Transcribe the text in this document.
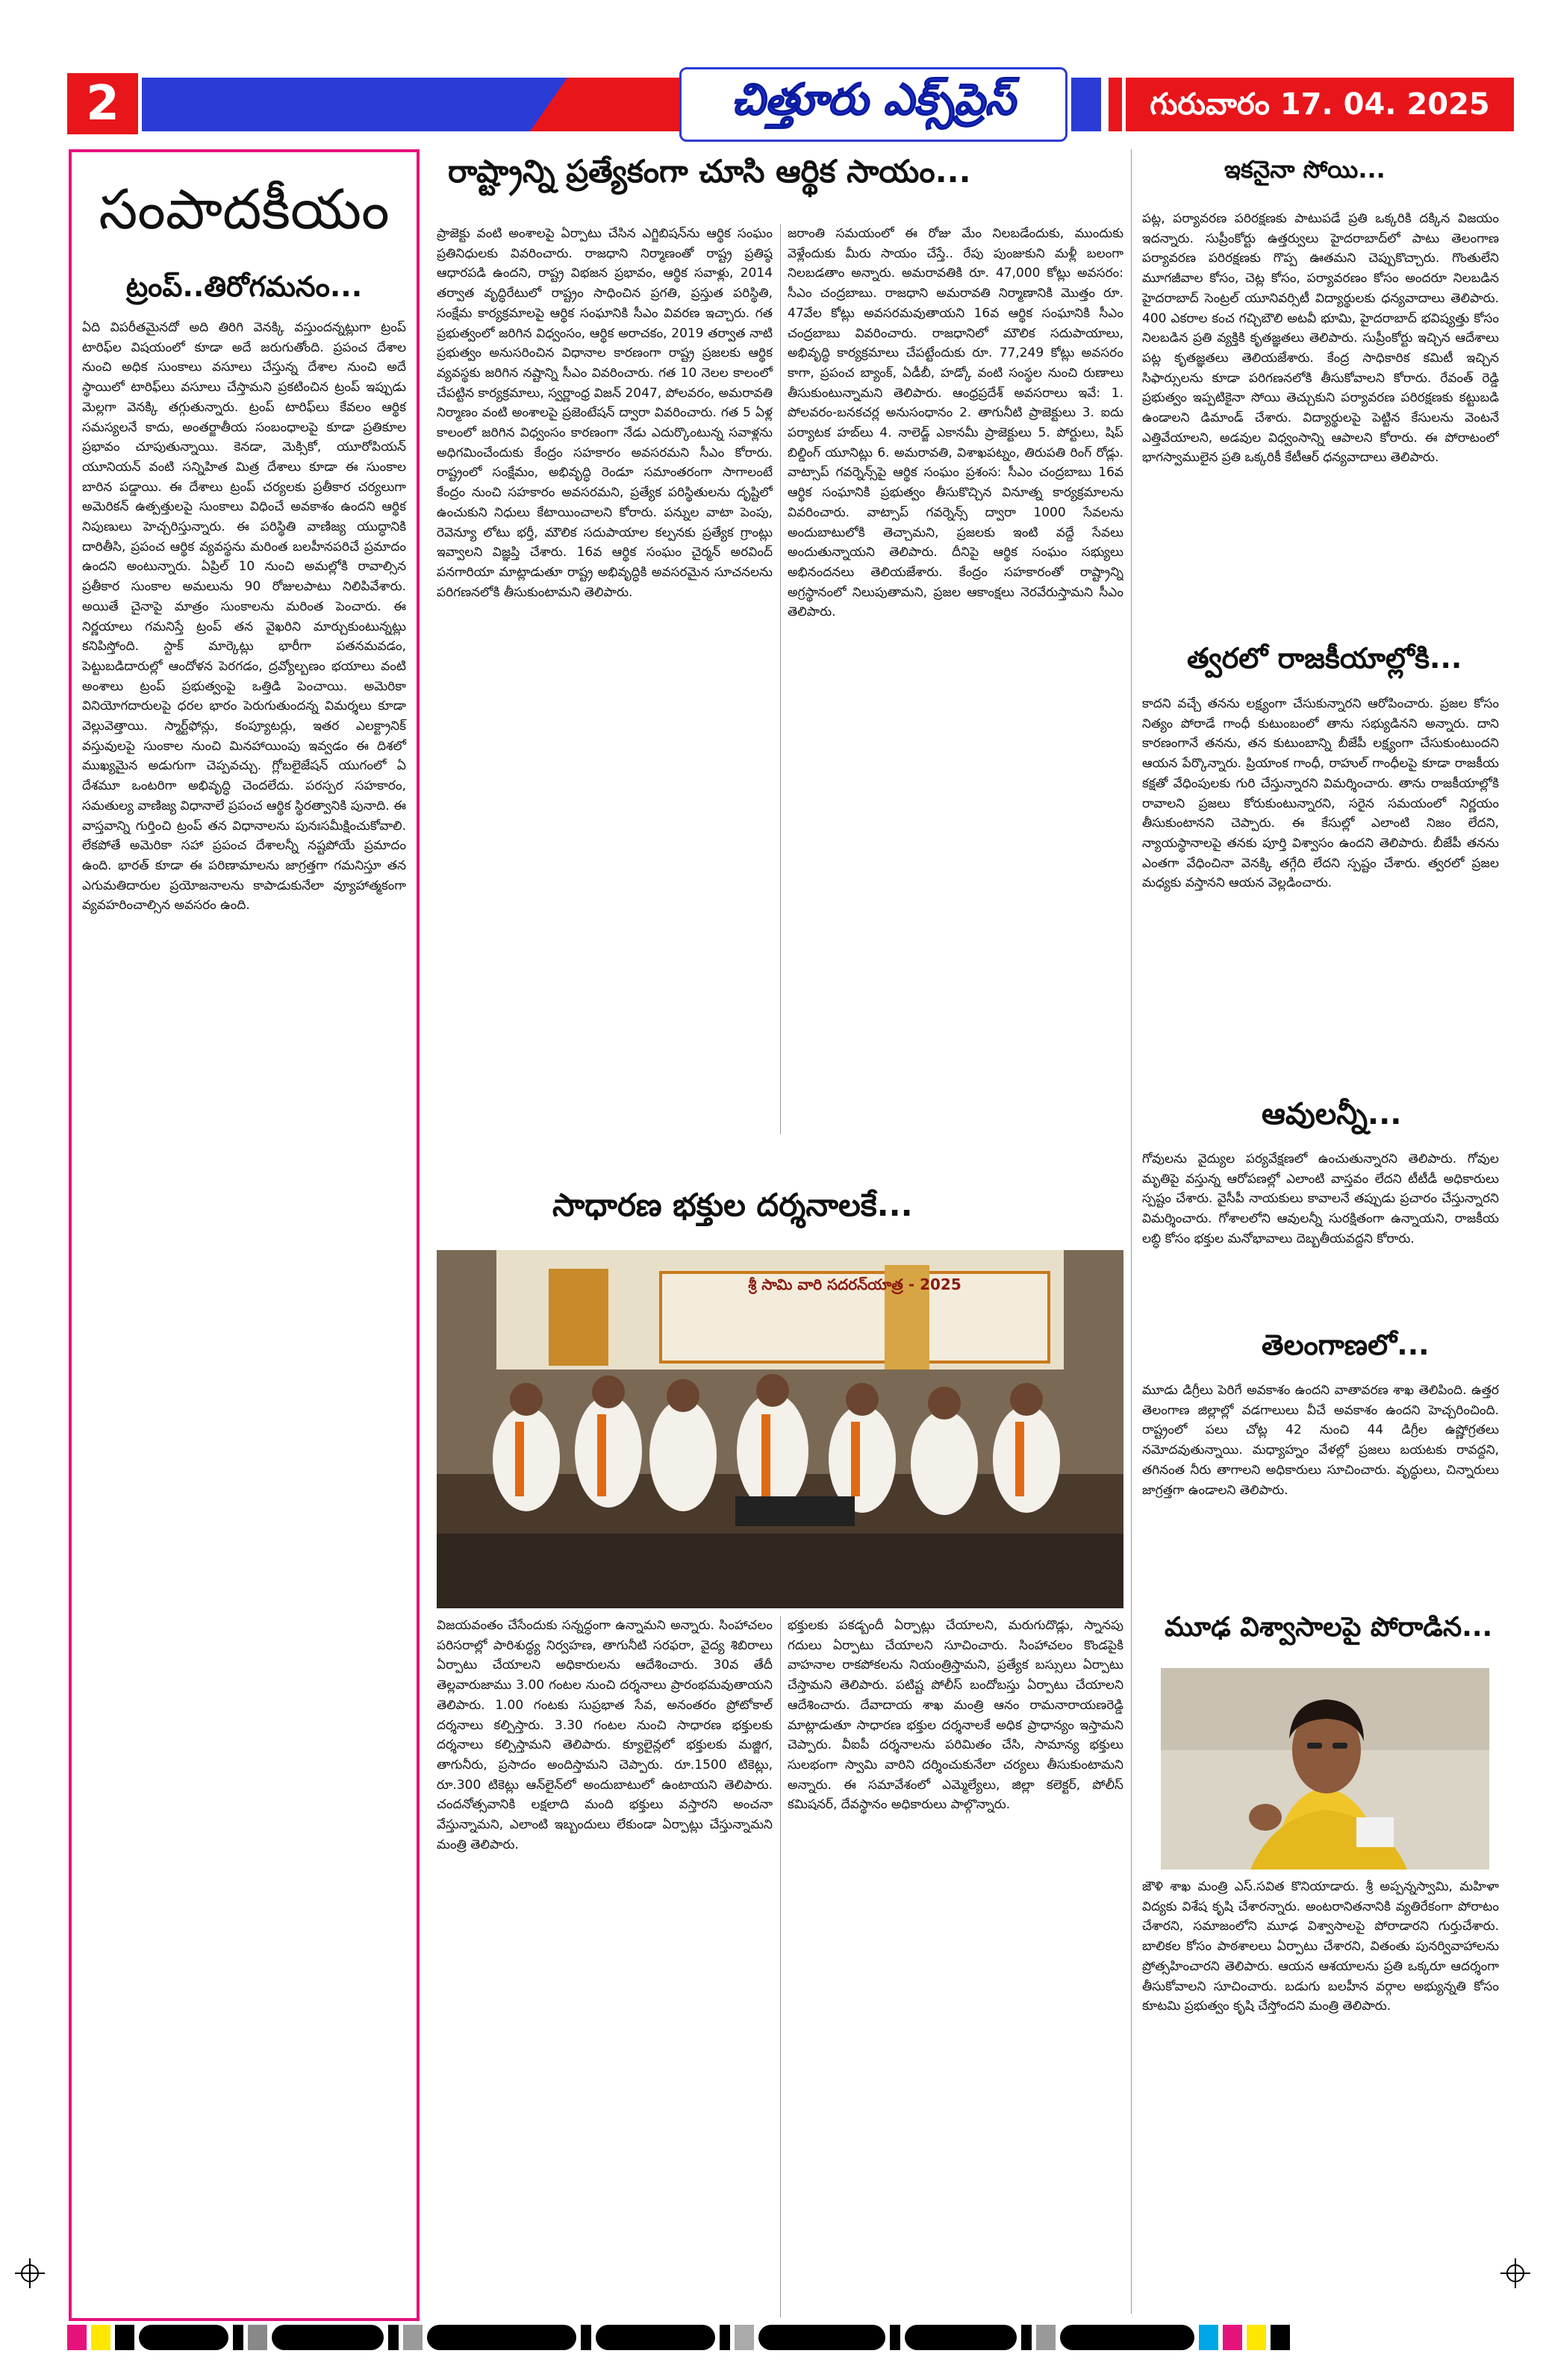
2	చిత్తూరు ఎక్స్‌ప్రెస్	గురువారం 17. 04. 2025
సంపాదకీయం
ట్రంప్..తిరోగమనం...
ఏది విపరీతమైనదో అది తిరిగి వెనక్కి వస్తుందన్నట్లుగా ట్రంప్ టారిఫ్‌ల విషయంలో కూడా అదే జరుగుతోంది. ప్రపంచ దేశాల నుంచి అధిక సుంకాలు వసూలు చేస్తున్న దేశాల నుంచి అదే స్థాయిలో టారిఫ్‌లు వసూలు చేస్తామని ప్రకటించిన ట్రంప్ ఇప్పుడు మెల్లగా వెనక్కి తగ్గుతున్నారు. ట్రంప్ టారిఫ్‌లు కేవలం ఆర్థిక సమస్యలనే కాదు, అంతర్జాతీయ సంబంధాలపై కూడా ప్రతికూల ప్రభావం చూపుతున్నాయి. కెనడా, మెక్సికో, యూరోపియన్ యూనియన్ వంటి సన్నిహిత మిత్ర దేశాలు కూడా ఈ సుంకాల బారిన పడ్డాయి. ఈ దేశాలు ట్రంప్ చర్యలకు ప్రతీకార చర్యలుగా అమెరికన్ ఉత్పత్తులపై సుంకాలు విధించే అవకాశం ఉందని ఆర్థిక నిపుణులు హెచ్చరిస్తున్నారు. ఈ పరిస్థితి వాణిజ్య యుద్ధానికి దారితీసి, ప్రపంచ ఆర్థిక వ్యవస్థను మరింత బలహీనపరిచే ప్రమాదం ఉందని అంటున్నారు. ఏప్రిల్ 10 నుంచి అమల్లోకి రావాల్సిన ప్రతీకార సుంకాల అమలును 90 రోజులపాటు నిలిపివేశారు. అయితే చైనాపై మాత్రం సుంకాలను మరింత పెంచారు. ఈ నిర్ణయాలు గమనిస్తే ట్రంప్ తన వైఖరిని మార్చుకుంటున్నట్లు కనిపిస్తోంది. స్టాక్ మార్కెట్లు భారీగా పతనమవడం, పెట్టుబడిదారుల్లో ఆందోళన పెరగడం, ద్రవ్యోల్బణం భయాలు వంటి అంశాలు ట్రంప్ ప్రభుత్వంపై ఒత్తిడి పెంచాయి. అమెరికా వినియోగదారులపై ధరల భారం పెరుగుతుందన్న విమర్శలు కూడా వెల్లువెత్తాయి. స్మార్ట్‌ఫోన్లు, కంప్యూటర్లు, ఇతర ఎలక్ట్రానిక్ వస్తువులపై సుంకాల నుంచి మినహాయింపు ఇవ్వడం ఈ దిశలో ముఖ్యమైన అడుగుగా చెప్పవచ్చు. గ్లోబలైజేషన్ యుగంలో ఏ దేశమూ ఒంటరిగా అభివృద్ధి చెందలేదు. పరస్పర సహకారం, సమతుల్య వాణిజ్య విధానాలే ప్రపంచ ఆర్థిక స్థిరత్వానికి పునాది. ఈ వాస్తవాన్ని గుర్తించి ట్రంప్ తన విధానాలను పునఃసమీక్షించుకోవాలి. లేకపోతే అమెరికా సహా ప్రపంచ దేశాలన్నీ నష్టపోయే ప్రమాదం ఉంది. భారత్ కూడా ఈ పరిణామాలను జాగ్రత్తగా గమనిస్తూ తన ఎగుమతిదారుల ప్రయోజనాలను కాపాడుకునేలా వ్యూహాత్మకంగా వ్యవహరించాల్సిన అవసరం ఉంది.
రాష్ట్రాన్ని ప్రత్యేకంగా చూసి ఆర్థిక సాయం...
ప్రాజెక్టు వంటి అంశాలపై ఏర్పాటు చేసిన ఎగ్జిబిషన్‌ను ఆర్థిక సంఘం ప్రతినిధులకు వివరించారు. రాజధాని నిర్మాణంతో రాష్ట్ర ప్రతిష్ఠ ఆధారపడి ఉందని, రాష్ట్ర విభజన ప్రభావం, ఆర్థిక సవాళ్లు, 2014 తర్వాత వృద్ధిరేటులో రాష్ట్రం సాధించిన ప్రగతి, ప్రస్తుత పరిస్థితి, సంక్షేమ కార్యక్రమాలపై ఆర్థిక సంఘానికి సీఎం వివరణ ఇచ్చారు. గత ప్రభుత్వంలో జరిగిన విధ్వంసం, ఆర్థిక అరాచకం, 2019 తర్వాత నాటి ప్రభుత్వం అనుసరించిన విధానాల కారణంగా రాష్ట్ర ప్రజలకు ఆర్థిక వ్యవస్థకు జరిగిన నష్టాన్ని సీఎం వివరించారు. గత 10 నెలల కాలంలో చేపట్టిన కార్యక్రమాలు, స్వర్ణాంధ్ర విజన్ 2047, పోలవరం, అమరావతి నిర్మాణం వంటి అంశాలపై ప్రజెంటేషన్ ద్వారా వివరించారు. గత 5 ఏళ్ల కాలంలో జరిగిన విధ్వంసం కారణంగా నేడు ఎదుర్కొంటున్న సవాళ్లను అధిగమించేందుకు కేంద్రం సహకారం అవసరమని సీఎం కోరారు. రాష్ట్రంలో సంక్షేమం, అభివృద్ధి రెండూ సమాంతరంగా సాగాలంటే కేంద్రం నుంచి సహకారం అవసరమని, ప్రత్యేక పరిస్థితులను దృష్టిలో ఉంచుకుని నిధులు కేటాయించాలని కోరారు. పన్నుల వాటా పెంపు, రెవెన్యూ లోటు భర్తీ, మౌలిక సదుపాయాల కల్పనకు ప్రత్యేక గ్రాంట్లు ఇవ్వాలని విజ్ఞప్తి చేశారు. 16వ ఆర్థిక సంఘం చైర్మన్ అరవింద్ పనగారియా మాట్లాడుతూ రాష్ట్ర అభివృద్ధికి అవసరమైన సూచనలను పరిగణనలోకి తీసుకుంటామని తెలిపారు.
జరాంతి సమయంలో ఈ రోజు మేం నిలబడేందుకు, ముందుకు వెళ్లేందుకు మీరు సాయం చేస్తే.. రేపు పుంజుకుని మళ్లీ బలంగా నిలబడతాం అన్నారు. అమరావతికి రూ. 47,000 కోట్లు అవసరం: సీఎం చంద్రబాబు. రాజధాని అమరావతి నిర్మాణానికి మొత్తం రూ. 47వేల కోట్లు అవసరమవుతాయని 16వ ఆర్థిక సంఘానికి సీఎం చంద్రబాబు వివరించారు. రాజధానిలో మౌలిక సదుపాయాలు, అభివృద్ధి కార్యక్రమాలు చేపట్టేందుకు రూ. 77,249 కోట్లు అవసరం కాగా, ప్రపంచ బ్యాంక్, ఏడీబీ, హడ్కో వంటి సంస్థల నుంచి రుణాలు తీసుకుంటున్నామని తెలిపారు. ఆంధ్రప్రదేశ్ అవసరాలు ఇవే: 1. పోలవరం-బనకచర్ల అనుసంధానం 2. తాగునీటి ప్రాజెక్టులు 3. ఐదు పర్యాటక హబ్‌లు 4. నాలెడ్జ్ ఎకానమీ ప్రాజెక్టులు 5. పోర్టులు, షిప్ బిల్డింగ్ యూనిట్లు 6. అమరావతి, విశాఖపట్నం, తిరుపతి రింగ్ రోడ్లు. వాట్సాప్ గవర్నెన్స్‌పై ఆర్థిక సంఘం ప్రశంస: సీఎం చంద్రబాబు 16వ ఆర్థిక సంఘానికి ప్రభుత్వం తీసుకొచ్చిన వినూత్న కార్యక్రమాలను వివరించారు. వాట్సాప్ గవర్నెన్స్ ద్వారా 1000 సేవలను అందుబాటులోకి తెచ్చామని, ప్రజలకు ఇంటి వద్దే సేవలు అందుతున్నాయని తెలిపారు. దీనిపై ఆర్థిక సంఘం సభ్యులు అభినందనలు తెలియజేశారు. కేంద్రం సహకారంతో రాష్ట్రాన్ని అగ్రస్థానంలో నిలుపుతామని, ప్రజల ఆకాంక్షలు నెరవేరుస్తామని సీఎం తెలిపారు.
ఇకనైనా సోయి...
పట్ల, పర్యావరణ పరిరక్షణకు పాటుపడే ప్రతి ఒక్కరికి దక్కిన విజయం ఇదన్నారు. సుప్రీంకోర్టు ఉత్తర్వులు హైదరాబాద్‌లో పాటు తెలంగాణ పర్యావరణ పరిరక్షణకు గొప్ప ఊతమని చెప్పుకొచ్చారు. గొంతులేని మూగజీవాల కోసం, చెట్ల కోసం, పర్యావరణం కోసం అందరూ నిలబడిన హైదరాబాద్ సెంట్రల్ యూనివర్సిటీ విద్యార్థులకు ధన్యవాదాలు తెలిపారు. 400 ఎకరాల కంచ గచ్చిబౌలి అటవీ భూమి, హైదరాబాద్ భవిష్యత్తు కోసం నిలబడిన ప్రతి వ్యక్తికి కృతజ్ఞతలు తెలిపారు. సుప్రీంకోర్టు ఇచ్చిన ఆదేశాలు పట్ల కృతజ్ఞతలు తెలియజేశారు. కేంద్ర సాధికారిక కమిటీ ఇచ్చిన సిఫార్సులను కూడా పరిగణనలోకి తీసుకోవాలని కోరారు. రేవంత్ రెడ్డి ప్రభుత్వం ఇప్పటికైనా సోయి తెచ్చుకుని పర్యావరణ పరిరక్షణకు కట్టుబడి ఉండాలని డిమాండ్ చేశారు. విద్యార్థులపై పెట్టిన కేసులను వెంటనే ఎత్తివేయాలని, అడవుల విధ్వంసాన్ని ఆపాలని కోరారు. ఈ పోరాటంలో భాగస్వాములైన ప్రతి ఒక్కరికీ కేటీఆర్ ధన్యవాదాలు తెలిపారు.
త్వరలో రాజకీయాల్లోకి...
కాదని వచ్చే తనను లక్ష్యంగా చేసుకున్నారని ఆరోపించారు. ప్రజల కోసం నిత్యం పోరాడే గాంధీ కుటుంబంలో తాను సభ్యుడినని అన్నారు. దాని కారణంగానే తనను, తన కుటుంబాన్ని బీజేపీ లక్ష్యంగా చేసుకుంటుందని ఆయన పేర్కొన్నారు. ప్రియాంక గాంధీ, రాహుల్ గాంధీలపై కూడా రాజకీయ కక్షతో వేధింపులకు గురి చేస్తున్నారని విమర్శించారు. తాను రాజకీయాల్లోకి రావాలని ప్రజలు కోరుకుంటున్నారని, సరైన సమయంలో నిర్ణయం తీసుకుంటానని చెప్పారు. ఈ కేసుల్లో ఎలాంటి నిజం లేదని, న్యాయస్థానాలపై తనకు పూర్తి విశ్వాసం ఉందని తెలిపారు. బీజేపీ తనను ఎంతగా వేధించినా వెనక్కి తగ్గేది లేదని స్పష్టం చేశారు. త్వరలో ప్రజల మధ్యకు వస్తానని ఆయన వెల్లడించారు.
ఆవులన్నీ...
గోవులను వైద్యుల పర్యవేక్షణలో ఉంచుతున్నారని తెలిపారు. గోవుల మృతిపై వస్తున్న ఆరోపణల్లో ఎలాంటి వాస్తవం లేదని టీటీడీ అధికారులు స్పష్టం చేశారు. వైసీపీ నాయకులు కావాలనే తప్పుడు ప్రచారం చేస్తున్నారని విమర్శించారు. గోశాలలోని ఆవులన్నీ సురక్షితంగా ఉన్నాయని, రాజకీయ లబ్ధి కోసం భక్తుల మనోభావాలు దెబ్బతీయవద్దని కోరారు.
తెలంగాణలో...
మూడు డిగ్రీలు పెరిగే అవకాశం ఉందని వాతావరణ శాఖ తెలిపింది. ఉత్తర తెలంగాణ జిల్లాల్లో వడగాలులు వీచే అవకాశం ఉందని హెచ్చరించింది. రాష్ట్రంలో పలు చోట్ల 42 నుంచి 44 డిగ్రీల ఉష్ణోగ్రతలు నమోదవుతున్నాయి. మధ్యాహ్నం వేళల్లో ప్రజలు బయటకు రావద్దని, తగినంత నీరు తాగాలని అధికారులు సూచించారు. వృద్ధులు, చిన్నారులు జాగ్రత్తగా ఉండాలని తెలిపారు.
మూఢ విశ్వాసాలపై పోరాడిన...
జౌళి శాఖ మంత్రి ఎస్.సవిత కొనియాడారు. శ్రీ అప్పన్నస్వామి, మహిళా విద్యకు విశేష కృషి చేశారన్నారు. అంటరానితనానికి వ్యతిరేకంగా పోరాటం చేశారని, సమాజంలోని మూఢ విశ్వాసాలపై పోరాడారని గుర్తుచేశారు. బాలికల కోసం పాఠశాలలు ఏర్పాటు చేశారని, వితంతు పునర్వివాహాలను ప్రోత్సహించారని తెలిపారు. ఆయన ఆశయాలను ప్రతి ఒక్కరూ ఆదర్శంగా తీసుకోవాలని సూచించారు. బడుగు బలహీన వర్గాల అభ్యున్నతి కోసం కూటమి ప్రభుత్వం కృషి చేస్తోందని మంత్రి తెలిపారు.
సాధారణ భక్తుల దర్శనాలకే...
శ్రీ సామి వారి సదరన్‌యాత్ర - 2025
విజయవంతం చేసేందుకు సన్నద్ధంగా ఉన్నామని అన్నారు. సింహాచలం పరిసరాల్లో పారిశుద్ధ్య నిర్వహణ, తాగునీటి సరఫరా, వైద్య శిబిరాలు ఏర్పాటు చేయాలని అధికారులను ఆదేశించారు. 30వ తేదీ తెల్లవారుజాము 3.00 గంటల నుంచి దర్శనాలు ప్రారంభమవుతాయని తెలిపారు. 1.00 గంటకు సుప్రభాత సేవ, అనంతరం ప్రోటోకాల్ దర్శనాలు కల్పిస్తారు. 3.30 గంటల నుంచి సాధారణ భక్తులకు దర్శనాలు కల్పిస్తామని తెలిపారు. క్యూలైన్లలో భక్తులకు మజ్జిగ, తాగునీరు, ప్రసాదం అందిస్తామని చెప్పారు. రూ.1500 టికెట్లు, రూ.300 టికెట్లు ఆన్‌లైన్‌లో అందుబాటులో ఉంటాయని తెలిపారు. చందనోత్సవానికి లక్షలాది మంది భక్తులు వస్తారని అంచనా వేస్తున్నామని, ఎలాంటి ఇబ్బందులు లేకుండా ఏర్పాట్లు చేస్తున్నామని మంత్రి తెలిపారు.
భక్తులకు పకడ్బందీ ఏర్పాట్లు చేయాలని, మరుగుదొడ్లు, స్నానపు గదులు ఏర్పాటు చేయాలని సూచించారు. సింహాచలం కొండపైకి వాహనాల రాకపోకలను నియంత్రిస్తామని, ప్రత్యేక బస్సులు ఏర్పాటు చేస్తామని తెలిపారు. పటిష్ట పోలీస్ బందోబస్తు ఏర్పాటు చేయాలని ఆదేశించారు. దేవాదాయ శాఖ మంత్రి ఆనం రామనారాయణరెడ్డి మాట్లాడుతూ సాధారణ భక్తుల దర్శనాలకే అధిక ప్రాధాన్యం ఇస్తామని చెప్పారు. వీఐపీ దర్శనాలను పరిమితం చేసి, సామాన్య భక్తులు సులభంగా స్వామి వారిని దర్శించుకునేలా చర్యలు తీసుకుంటామని అన్నారు. ఈ సమావేశంలో ఎమ్మెల్యేలు, జిల్లా కలెక్టర్, పోలీస్ కమిషనర్, దేవస్థానం అధికారులు పాల్గొన్నారు.
